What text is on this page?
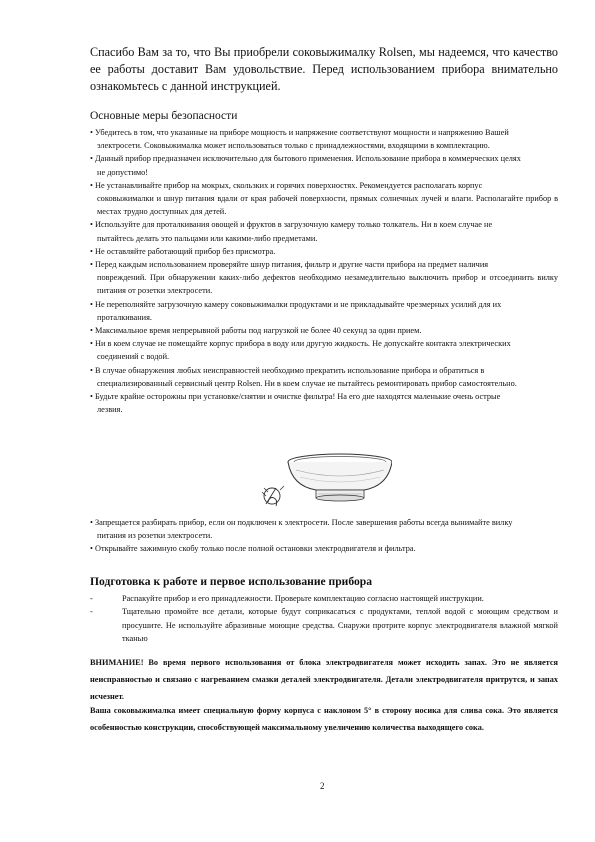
Спасибо Вам за то, что Вы приобрели соковыжималку Rolsen, мы надеемся, что качество ее работы доставит Вам удовольствие. Перед использованием прибора внимательно ознакомьтесь с данной инструкцией.
Основные меры безопасности
• Убедитесь в том, что указанные на приборе мощность и напряжение соответствуют мощности и напряжению Вашей
электросети. Соковыжималка может использоваться только с принадлежностями, входящими в комплектацию.
• Данный прибор предназначен исключительно для бытового применения. Использование прибора в коммерческих целях
не допустимо!
• Не устанавливайте прибор на мокрых, скользких и горячих поверхностях. Рекомендуется располагать корпус
соковыжималки и шнур питания вдали от края рабочей поверхности, прямых солнечных лучей и влаги. Располагайте прибор в местах трудно доступных для детей.
• Используйте для проталкивания овощей и фруктов в загрузочную камеру только толкатель. Ни в коем случае не
пытайтесь делать это пальцами или какими-либо предметами.
• Не оставляйте работающий прибор без присмотра.
• Перед каждым использованием проверяйте шнур питания, фильтр и другие части прибора на предмет наличия
повреждений. При обнаружении каких-либо дефектов необходимо незамедлительно выключить прибор и отсоединить вилку питания от розетки электросети.
• Не переполняйте загрузочную камеру соковыжималки продуктами и не прикладывайте чрезмерных усилий для их
проталкивания.
• Максимальное время непрерывной работы под нагрузкой не более 40 секунд за один прием.
• Ни в коем случае не помещайте корпус прибора в воду или другую жидкость. Не допускайте контакта электрических
соединений с водой.
• В случае обнаружения любых неисправностей необходимо прекратить использование прибора и обратиться в
специализированный сервисный центр Rolsen. Ни в коем случае не пытайтесь ремонтировать прибор самостоятельно.
• Будьте крайне осторожны при установке/снятии и очистке фильтра! На его дне находятся маленькие очень острые
лезвия.
• Запрещается разбирать прибор, если он подключен к электросети. После завершения работы всегда вынимайте вилку
питания из розетки электросети.
• Открывайте зажимную скобу только после полной остановки электродвигателя и фильтра.
Подготовка к работе и первое использование прибора
-	Распакуйте прибор и его принадлежности. Проверьте комплектацию согласно настоящей инструкции.
-	Тщательно промойте все детали, которые будут соприкасаться с продуктами, теплой водой с моющим средством и просушите. Не используйте абразивные моющие средства. Снаружи протрите корпус электродвигателя влажной мягкой тканью
ВНИМАНИЕ! Во время первого использования от блока электродвигателя может исходить запах. Это не является неисправностью и связано с нагреванием смазки деталей электродвигателя. Детали электродвигателя притрутся, и запах исчезнет.
Ваша соковыжималка имеет специальную форму корпуса с наклоном 5° в сторону носика для слива сока. Это является особенностью конструкции, способствующей максимальному увеличению количества выходящего сока.
2
